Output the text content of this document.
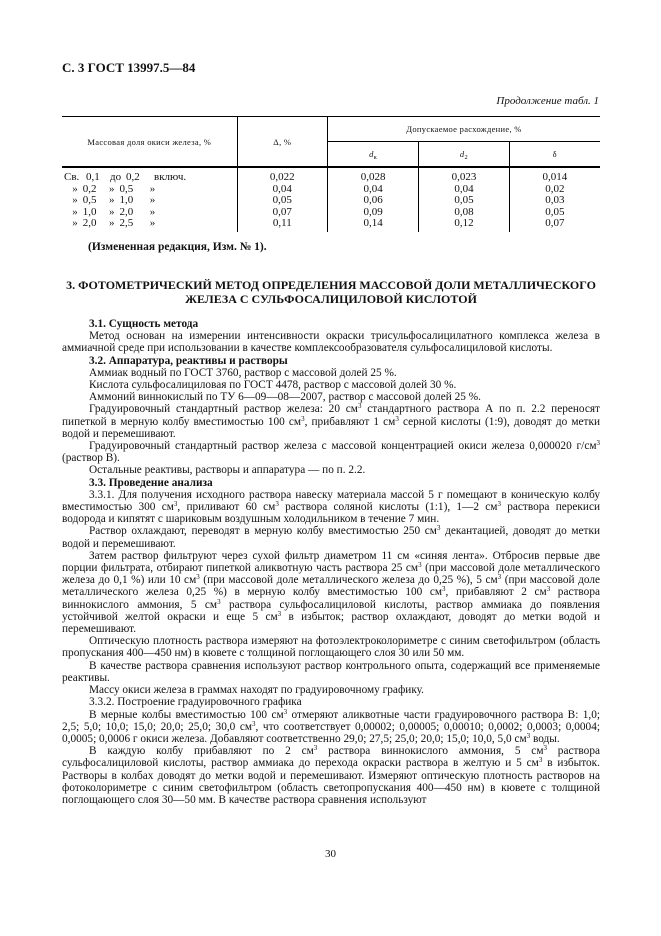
С. 3 ГОСТ 13997.5—84
Продолжение табл. 1
Массовая доля окиси железа, %	Δ, %	Допускаемое расхождение, %		
		$d_к$	$d_2$	δ
Св. 0,1 до 0,2 включ.	0,022	0,028	0,023	0,014
» 0,2 » 0,5 »	0,04	0,04	0,04	0,02
» 0,5 » 1,0 »	0,05	0,06	0,05	0,03
» 1,0 » 2,0 »	0,07	0,09	0,08	0,05
» 2,0 » 2,5 »	0,11	0,14	0,12	0,07
(Измененная редакция, Изм. № 1).
3. ФОТОМЕТРИЧЕСКИЙ МЕТОД ОПРЕДЕЛЕНИЯ МАССОВОЙ ДОЛИ МЕТАЛЛИЧЕСКОГО
ЖЕЛЕЗА С СУЛЬФОСАЛИЦИЛОВОЙ КИСЛОТОЙ

3.1. Сущность метода

Метод основан на измерении интенсивности окраски трисульфосалицилатного комплекса железа в аммиачной среде при использовании в качестве комплексообразователя сульфосалициловой кислоты.

3.2. Аппаратура, реактивы и растворы

Аммиак водный по ГОСТ 3760, раствор с массовой долей 25 %.

Кислота сульфосалициловая по ГОСТ 4478, раствор с массовой долей 30 %.

Аммоний виннокислый по ТУ 6—09—08—2007, раствор с массовой долей 25 %.

Градуировочный стандартный раствор железа: 20 $см^3$ стандартного раствора А по п. 2.2 переносят пипеткой в мерную колбу вместимостью 100 $см^3$, прибавляют 1 $см^3$ серной кислоты (1:9), доводят до метки водой и перемешивают.

Градуировочный стандартный раствор железа с массовой концентрацией окиси железа 0,000020 $г/см^3$ (раствор В).

Остальные реактивы, растворы и аппаратура — по п. 2.2.

3.3. Проведение анализа

3.3.1. Для получения исходного раствора навеску материала массой 5 г помещают в коническую колбу вместимостью 300 $см^3$, приливают 60 $см^3$ раствора соляной кислоты (1:1), 1—2 $см^3$ раствора перекиси водорода и кипятят с шариковым воздушным холодильником в течение 7 мин.

Раствор охлаждают, переводят в мерную колбу вместимостью 250 $см^3$ декантацией, доводят до метки водой и перемешивают.

Затем раствор фильтруют через сухой фильтр диаметром 11 см «синяя лента». Отбросив первые две порции фильтрата, отбирают пипеткой аликвотную часть раствора 25 $см^3$ (при массовой доле металлического железа до 0,1 %) или 10 $см^3$ (при массовой доле металлического железа до 0,25 %), 5 $см^3$ (при массовой доле металлического железа 0,25 %) в мерную колбу вместимостью 100 $см^3$, прибавляют 2 $см^3$ раствора виннокислого аммония, 5 $см^3$ раствора сульфосалициловой кислоты, раствор аммиака до появления устойчивой желтой окраски и еще 5 $см^3$ в избыток; раствор охлаждают, доводят до метки водой и перемешивают.

Оптическую плотность раствора измеряют на фотоэлектроколориметре с синим светофильтром (область пропускания 400—450 нм) в кювете с толщиной поглощающего слоя 30 или 50 мм.

В качестве раствора сравнения используют раствор контрольного опыта, содержащий все применяемые реактивы.

Массу окиси железа в граммах находят по градуировочному графику.

3.3.2. Построение градуировочного графика

В мерные колбы вместимостью 100 $см^3$ отмеряют аликвотные части градуировочного раствора В: 1,0; 2,5; 5,0; 10,0; 15,0; 20,0; 25,0; 30,0 $см^3$, что соответствует 0,00002; 0,00005; 0,00010; 0,0002; 0,0003; 0,0004; 0,0005; 0,0006 г окиси железа. Добавляют соответственно 29,0; 27,5; 25,0; 20,0; 15,0; 10,0, 5,0 $см^3$ воды.

В каждую колбу прибавляют по 2 $см^3$ раствора виннокислого аммония, 5 $см^3$ раствора сульфосалициловой кислоты, раствор аммиака до перехода окраски раствора в желтую и 5 $см^3$ в избыток. Растворы в колбах доводят до метки водой и перемешивают. Измеряют оптическую плотность растворов на фотоколориметре с синим светофильтром (область светопропускания 400—450 нм) в кювете с толщиной поглощающего слоя 30—50 мм. В качестве раствора сравнения используют

30
